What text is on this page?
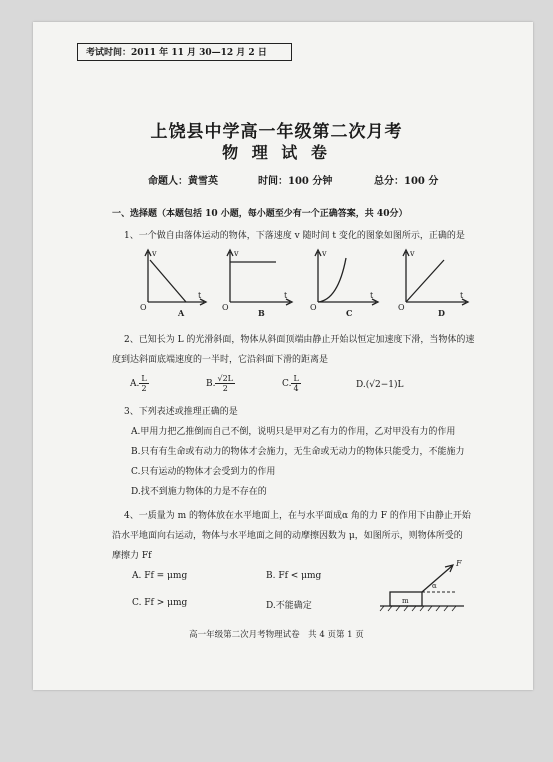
考试时间：2011 年 11 月 30—12 月 2 日
上饶县中学高一年级第二次月考
物 理 试 卷
命题人：黄雪英	时间：100 分钟	总分：100 分
一、选择题（本题包括 10 小题，每小题至少有一个正确答案，共 40分）
1、一个做自由落体运动的物体，下落速度 v 随时间 t 变化的图象如图所示，正确的是
v
O
t
A
v
O
t
B
v
O
t
C
v
O
t
D
2、已知长为 L 的光滑斜面，物体从斜面顶端由静止开始以恒定加速度下滑，当物体的速
度到达斜面底端速度的一半时，它沿斜面下滑的距离是
A. $\frac{L}{2}$	B. $\frac{√2L}{2}$	C. $\frac{L}{4}$	D.(√2−1)L
3、下列表述或推理正确的是
A.甲用力把乙推倒而自己不倒，说明只是甲对乙有力的作用，乙对甲没有力的作用
B.只有有生命或有动力的物体才会施力，无生命或无动力的物体只能受力，不能施力
C.只有运动的物体才会受到力的作用
D.找不到施力物体的力是不存在的
4、一质量为 m 的物体放在水平地面上，在与水平面成α 角的力 F 的作用下由静止开始
沿水平地面向右运动，物体与水平地面之间的动摩擦因数为 μ，如图所示，则物体所受的
摩擦力 Ff
A. Ff = μmg	B. Ff < μmg
C. Ff > μmg	D.不能确定	m
F
α
高一年级第二次月考物理试卷　共 4 页第 1 页
